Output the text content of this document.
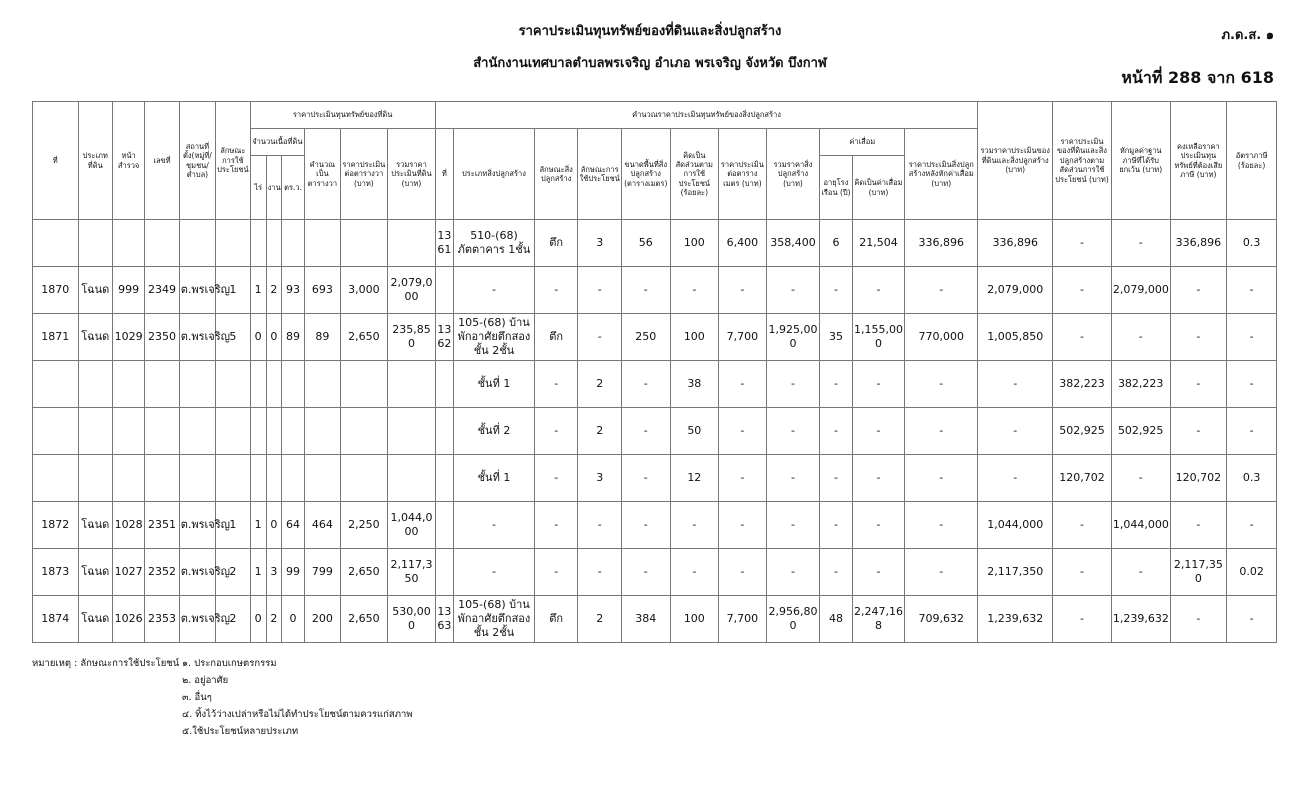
ราคาประเมินทุนทรัพย์ของที่ดินและสิ่งปลูกสร้าง
สำนักงานเทศบาลตำบลพรเจริญ อำเภอ พรเจริญ จังหวัด บึงกาฬ
ภ.ด.ส. ๑
หน้าที่ 288 จาก 618
ที่	ประเภทที่ดิน	หน้าสำรวจ	เลขที่	สถานที่ตั้ง(หมู่ที่/ชุมชน/ตำบล)	ลักษณะการใช้ประโยชน์	ราคาประเมินทุนทรัพย์ของที่ดิน						คำนวณราคาประเมินทุนทรัพย์ของสิ่งปลูกสร้าง											รวมราคาประเมินของที่ดินและสิ่งปลูกสร้าง (บาท)	ราคาประเมินของที่ดินและสิ่งปลูกสร้างตามสัดส่วนการใช้ประโยชน์ (บาท)	หักมูลค่าฐานภาษีที่ได้รับยกเว้น (บาท)	คงเหลือราคาประเมินทุนทรัพย์ที่ต้องเสียภาษี (บาท)	อัตราภาษี (ร้อยละ)
						จำนวนเนื้อที่ดิน			คำนวณเป็นตารางวา	ราคาประเมินต่อตารางวา (บาท)	รวมราคาประเมินที่ดิน (บาท)	ที่	ประเภทสิ่งปลูกสร้าง	ลักษณะสิ่งปลูกสร้าง	ลักษณะการใช้ประโยชน์	ขนาดพื้นที่สิ่งปลูกสร้าง (ตารางเมตร)	คิดเป็นสัดส่วนตามการใช้ประโยชน์ (ร้อยละ)	ราคาประเมินต่อตารางเมตร (บาท)	รวมราคาสิ่งปลูกสร้าง (บาท)	ค่าเสื่อม		ราคาประเมินสิ่งปลูกสร้างหลังหักค่าเสื่อม (บาท)					
						ไร่	งาน	ตร.ว.												อายุโรงเรือน (ปี)	คิดเป็นค่าเสื่อม (บาท)						
												1361	510-(68) ภัตตาคาร 1ชั้น	ตึก	3	56	100	6,400	358,400	6	21,504	336,896	336,896	-	-	336,896	0.3
1870	โฉนด	999	2349	ต.พรเจริญ	1	1	2	93	693	3,000	2,079,000		-	-	-	-	-	-	-	-	-	-	2,079,000	-	2,079,000	-	-
1871	โฉนด	1029	2350	ต.พรเจริญ	5	0	0	89	89	2,650	235,850	1362	105-(68) บ้านพักอาศัยตึกสองชั้น 2ชั้น	ตึก	-	250	100	7,700	1,925,000	35	1,155,000	770,000	1,005,850	-	-	-	-
													ชั้นที่ 1	-	2	-	38	-	-	-	-	-	-	382,223	382,223	-	-
													ชั้นที่ 2	-	2	-	50	-	-	-	-	-	-	502,925	502,925	-	-
													ชั้นที่ 1	-	3	-	12	-	-	-	-	-	-	120,702	-	120,702	0.3
1872	โฉนด	1028	2351	ต.พรเจริญ	1	1	0	64	464	2,250	1,044,000		-	-	-	-	-	-	-	-	-	-	1,044,000	-	1,044,000	-	-
1873	โฉนด	1027	2352	ต.พรเจริญ	2	1	3	99	799	2,650	2,117,350		-	-	-	-	-	-	-	-	-	-	2,117,350	-	-	2,117,350	0.02
1874	โฉนด	1026	2353	ต.พรเจริญ	2	0	2	0	200	2,650	530,000	1363	105-(68) บ้านพักอาศัยตึกสองชั้น 2ชั้น	ตึก	2	384	100	7,700	2,956,800	48	2,247,168	709,632	1,239,632	-	1,239,632	-	-
หมายเหตุ : ลักษณะการใช้ประโยชน์ ๑. ประกอบเกษตรกรรม
๒. อยู่อาศัย
๓. อื่นๆ
๔. ทิ้งไว้ว่างเปล่าหรือไม่ได้ทำประโยชน์ตามควรแก่สภาพ
๕.ใช้ประโยชน์หลายประเภท
